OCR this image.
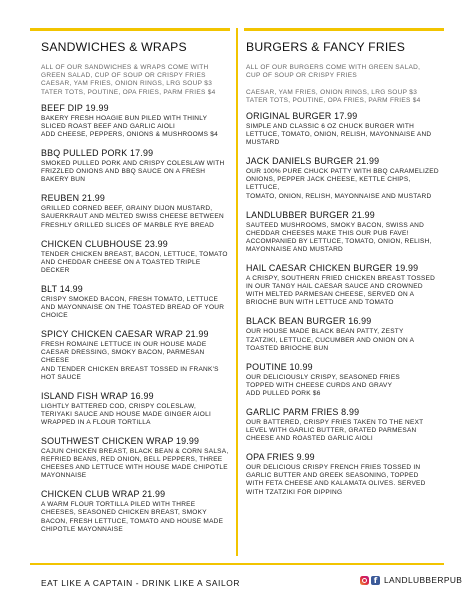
SANDWICHES & WRAPS
ALL OF OUR SANDWICHES & WRAPS COME WITH
GREEN SALAD, CUP OF SOUP OR CRISPY FRIES
CAESAR, YAM FRIES, ONION RINGS, LRG SOUP $3
TATER TOTS, POUTINE, OPA FRIES, PARM FRIES $4
BEEF DIP 19.99
BAKERY FRESH HOAGIE BUN PILED WITH THINLY
SLICED ROAST BEEF AND GARLIC AIOLI
ADD CHEESE, PEPPERS, ONIONS & MUSHROOMS $4
BBQ PULLED PORK 17.99
SMOKED PULLED PORK AND CRISPY COLESLAW WITH
FRIZZLED ONIONS AND BBQ SAUCE ON A FRESH
BAKERY BUN
REUBEN 21.99
GRILLED CORNED BEEF, GRAINY DIJON MUSTARD,
SAUERKRAUT AND MELTED SWISS CHEESE BETWEEN
FRESHLY GRILLED SLICES OF MARBLE RYE BREAD
CHICKEN CLUBHOUSE 23.99
TENDER CHICKEN BREAST, BACON, LETTUCE, TOMATO
AND CHEDDAR CHEESE ON A TOASTED TRIPLE DECKER
BLT 14.99
CRISPY SMOKED BACON, FRESH TOMATO, LETTUCE
AND MAYONNAISE ON THE TOASTED BREAD OF YOUR
CHOICE
SPICY CHICKEN CAESAR WRAP 21.99
FRESH ROMAINE LETTUCE IN OUR HOUSE MADE
CAESAR DRESSING, SMOKY BACON, PARMESAN CHEESE
AND TENDER CHICKEN BREAST TOSSED IN FRANK'S
HOT SAUCE
ISLAND FISH WRAP 16.99
LIGHTLY BATTERED COD, CRISPY COLESLAW,
TERIYAKI SAUCE AND HOUSE MADE GINGER AIOLI
WRAPPED IN A FLOUR TORTILLA
SOUTHWEST CHICKEN WRAP 19.99
CAJUN CHICKEN BREAST, BLACK BEAN & CORN SALSA,
REFRIED BEANS, RED ONION, BELL PEPPERS, THREE
CHEESES AND LETTUCE WITH HOUSE MADE CHIPOTLE
MAYONNAISE
CHICKEN CLUB WRAP 21.99
A WARM FLOUR TORTILLA PILED WITH THREE
CHEESES, SEASONED CHICKEN BREAST, SMOKY
BACON, FRESH LETTUCE, TOMATO AND HOUSE MADE
CHIPOTLE MAYONNAISE
BURGERS & FANCY FRIES
ALL OF OUR BURGERS COME WITH GREEN SALAD,
CUP OF SOUP OR CRISPY FRIES

CAESAR, YAM FRIES, ONION RINGS, LRG SOUP $3
TATER TOTS, POUTINE, OPA FRIES, PARM FRIES $4
ORIGINAL BURGER 17.99
SIMPLE AND CLASSIC 6 OZ CHUCK BURGER WITH
LETTUCE, TOMATO, ONION, RELISH, MAYONNAISE AND
MUSTARD
JACK DANIELS BURGER 21.99
OUR 100% PURE CHUCK PATTY WITH BBQ CARAMELIZED
ONIONS, PEPPER JACK CHEESE, KETTLE CHIPS, LETTUCE,
TOMATO, ONION, RELISH, MAYONNAISE AND MUSTARD
LANDLUBBER BURGER 21.99
SAUTEED MUSHROOMS, SMOKY BACON, SWISS AND
CHEDDAR CHEESES MAKE THIS OUR PUB FAVE!
ACCOMPANIED BY LETTUCE, TOMATO, ONION, RELISH,
MAYONNAISE AND MUSTARD
HAIL CAESAR CHICKEN BURGER 19.99
A CRISPY, SOUTHERN FRIED CHICKEN BREAST TOSSED
IN OUR TANGY HAIL CAESAR SAUCE AND CROWNED
WITH MELTED PARMESAN CHEESE, SERVED ON A
BRIOCHE BUN WITH LETTUCE AND TOMATO
BLACK BEAN BURGER 16.99
OUR HOUSE MADE BLACK BEAN PATTY, ZESTY
TZATZIKI, LETTUCE, CUCUMBER AND ONION ON A
TOASTED BRIOCHE BUN
POUTINE 10.99
OUR DELICIOUSLY CRISPY, SEASONED FRIES
TOPPED WITH CHEESE CURDS AND GRAVY
ADD PULLED PORK $6
GARLIC PARM FRIES 8.99
OUR BATTERED, CRISPY FRIES TAKEN TO THE NEXT
LEVEL WITH GARLIC BUTTER, GRATED PARMESAN
CHEESE AND ROASTED GARLIC AIOLI
OPA FRIES 9.99
OUR DELICIOUS CRISPY FRENCH FRIES TOSSED IN
GARLIC BUTTER AND GREEK SEASONING, TOPPED
WITH FETA CHEESE AND KALAMATA OLIVES. SERVED
WITH TZATZIKI FOR DIPPING
EAT LIKE A CAPTAIN - DRINK LIKE A SAILOR	f LANDLUBBERPUB
